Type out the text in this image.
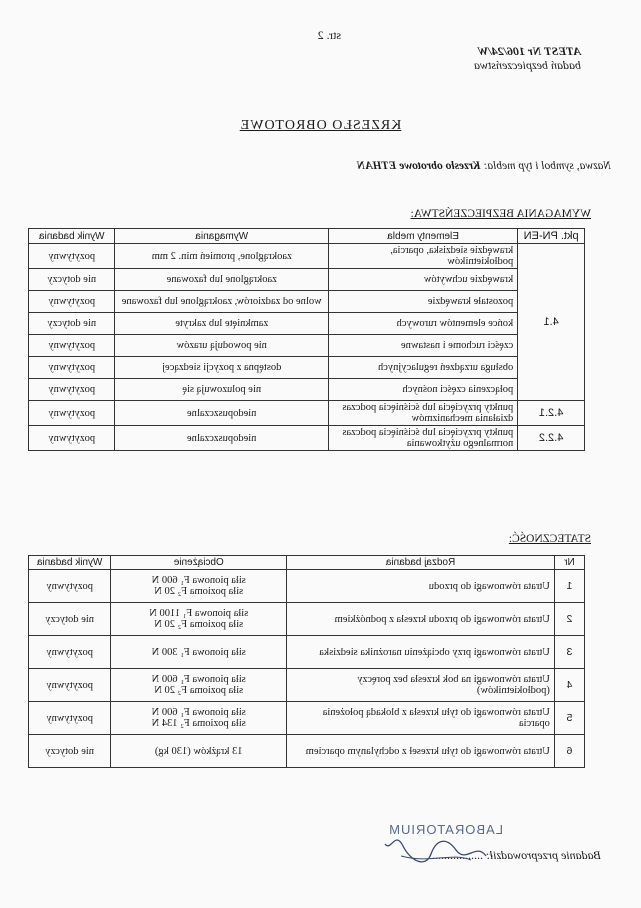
str. 2
ATEST Nr 106/24/W
badań bezpieczeństwa
KRZESŁO OBROTOWE
Nazwa, symbol i typ mebla: Krzesło obrotowe ETHAN
WYMAGANIA BEZPIECZEŃSTWA:
pkt. PN-EN	Elementy mebla	Wymagania	Wynik badania
4.1	krawędzie siedziska, oparcia, podłokietników	zaokrąglone, promień min. 2 mm	pozytywny
	krawędzie uchwytów	zaokrąglone lub fazowane	nie dotyczy
	pozostałe krawędzie	wolne od zadziorów, zaokrąglone lub fazowane	pozytywny
	końce elementów rurowych	zamknięte lub zakryte	nie dotyczy
	części ruchome i nastawne	nie powodują urazów	pozytywny
	obsługa urządzeń regulacyjnych	dostępna z pozycji siedzącej	pozytywny
	połączenia części nośnych	nie poluzowują się	pozytywny
4.2.1	punkty przycięcia lub ściśnięcia podczas działania mechanizmów	niedopuszczalne	pozytywny
4.2.2	punkty przycięcia lub ściśnięcia podczas normalnego użytkowania	niedopuszczalne	pozytywny
STATECZNOŚĆ:
Nr	Rodzaj badania	Obciążenie	Wynik badania
1	Utrata równowagi do przodu	siła pionowa F₁ 600 N
siła pozioma F₂ 20 N	pozytywny
2	Utrata równowagi do przodu krzesła z podnóżkiem	siła pionowa F₁ 1100 N
siła pozioma F₂ 20 N	nie dotyczy
3	Utrata równowagi przy obciążeniu narożnika siedziska	siła pionowa F₁ 300 N	pozytywny
4	Utrata równowagi na bok krzesła bez poręczy (podłokietników)	siła pionowa F₁ 600 N
siła pozioma F₂ 20 N	pozytywny
5	Utrata równowagi do tyłu krzesła z blokadą położenia oparcia	siła pionowa F₁ 600 N
siła pozioma F₂ 134 N	pozytywny
6	Utrata równowagi do tyłu krzeseł z odchylanym oparciem	13 krążków (130 kg)	nie dotyczy
Badanie przeprowadził: .................
LABORATORIUM
